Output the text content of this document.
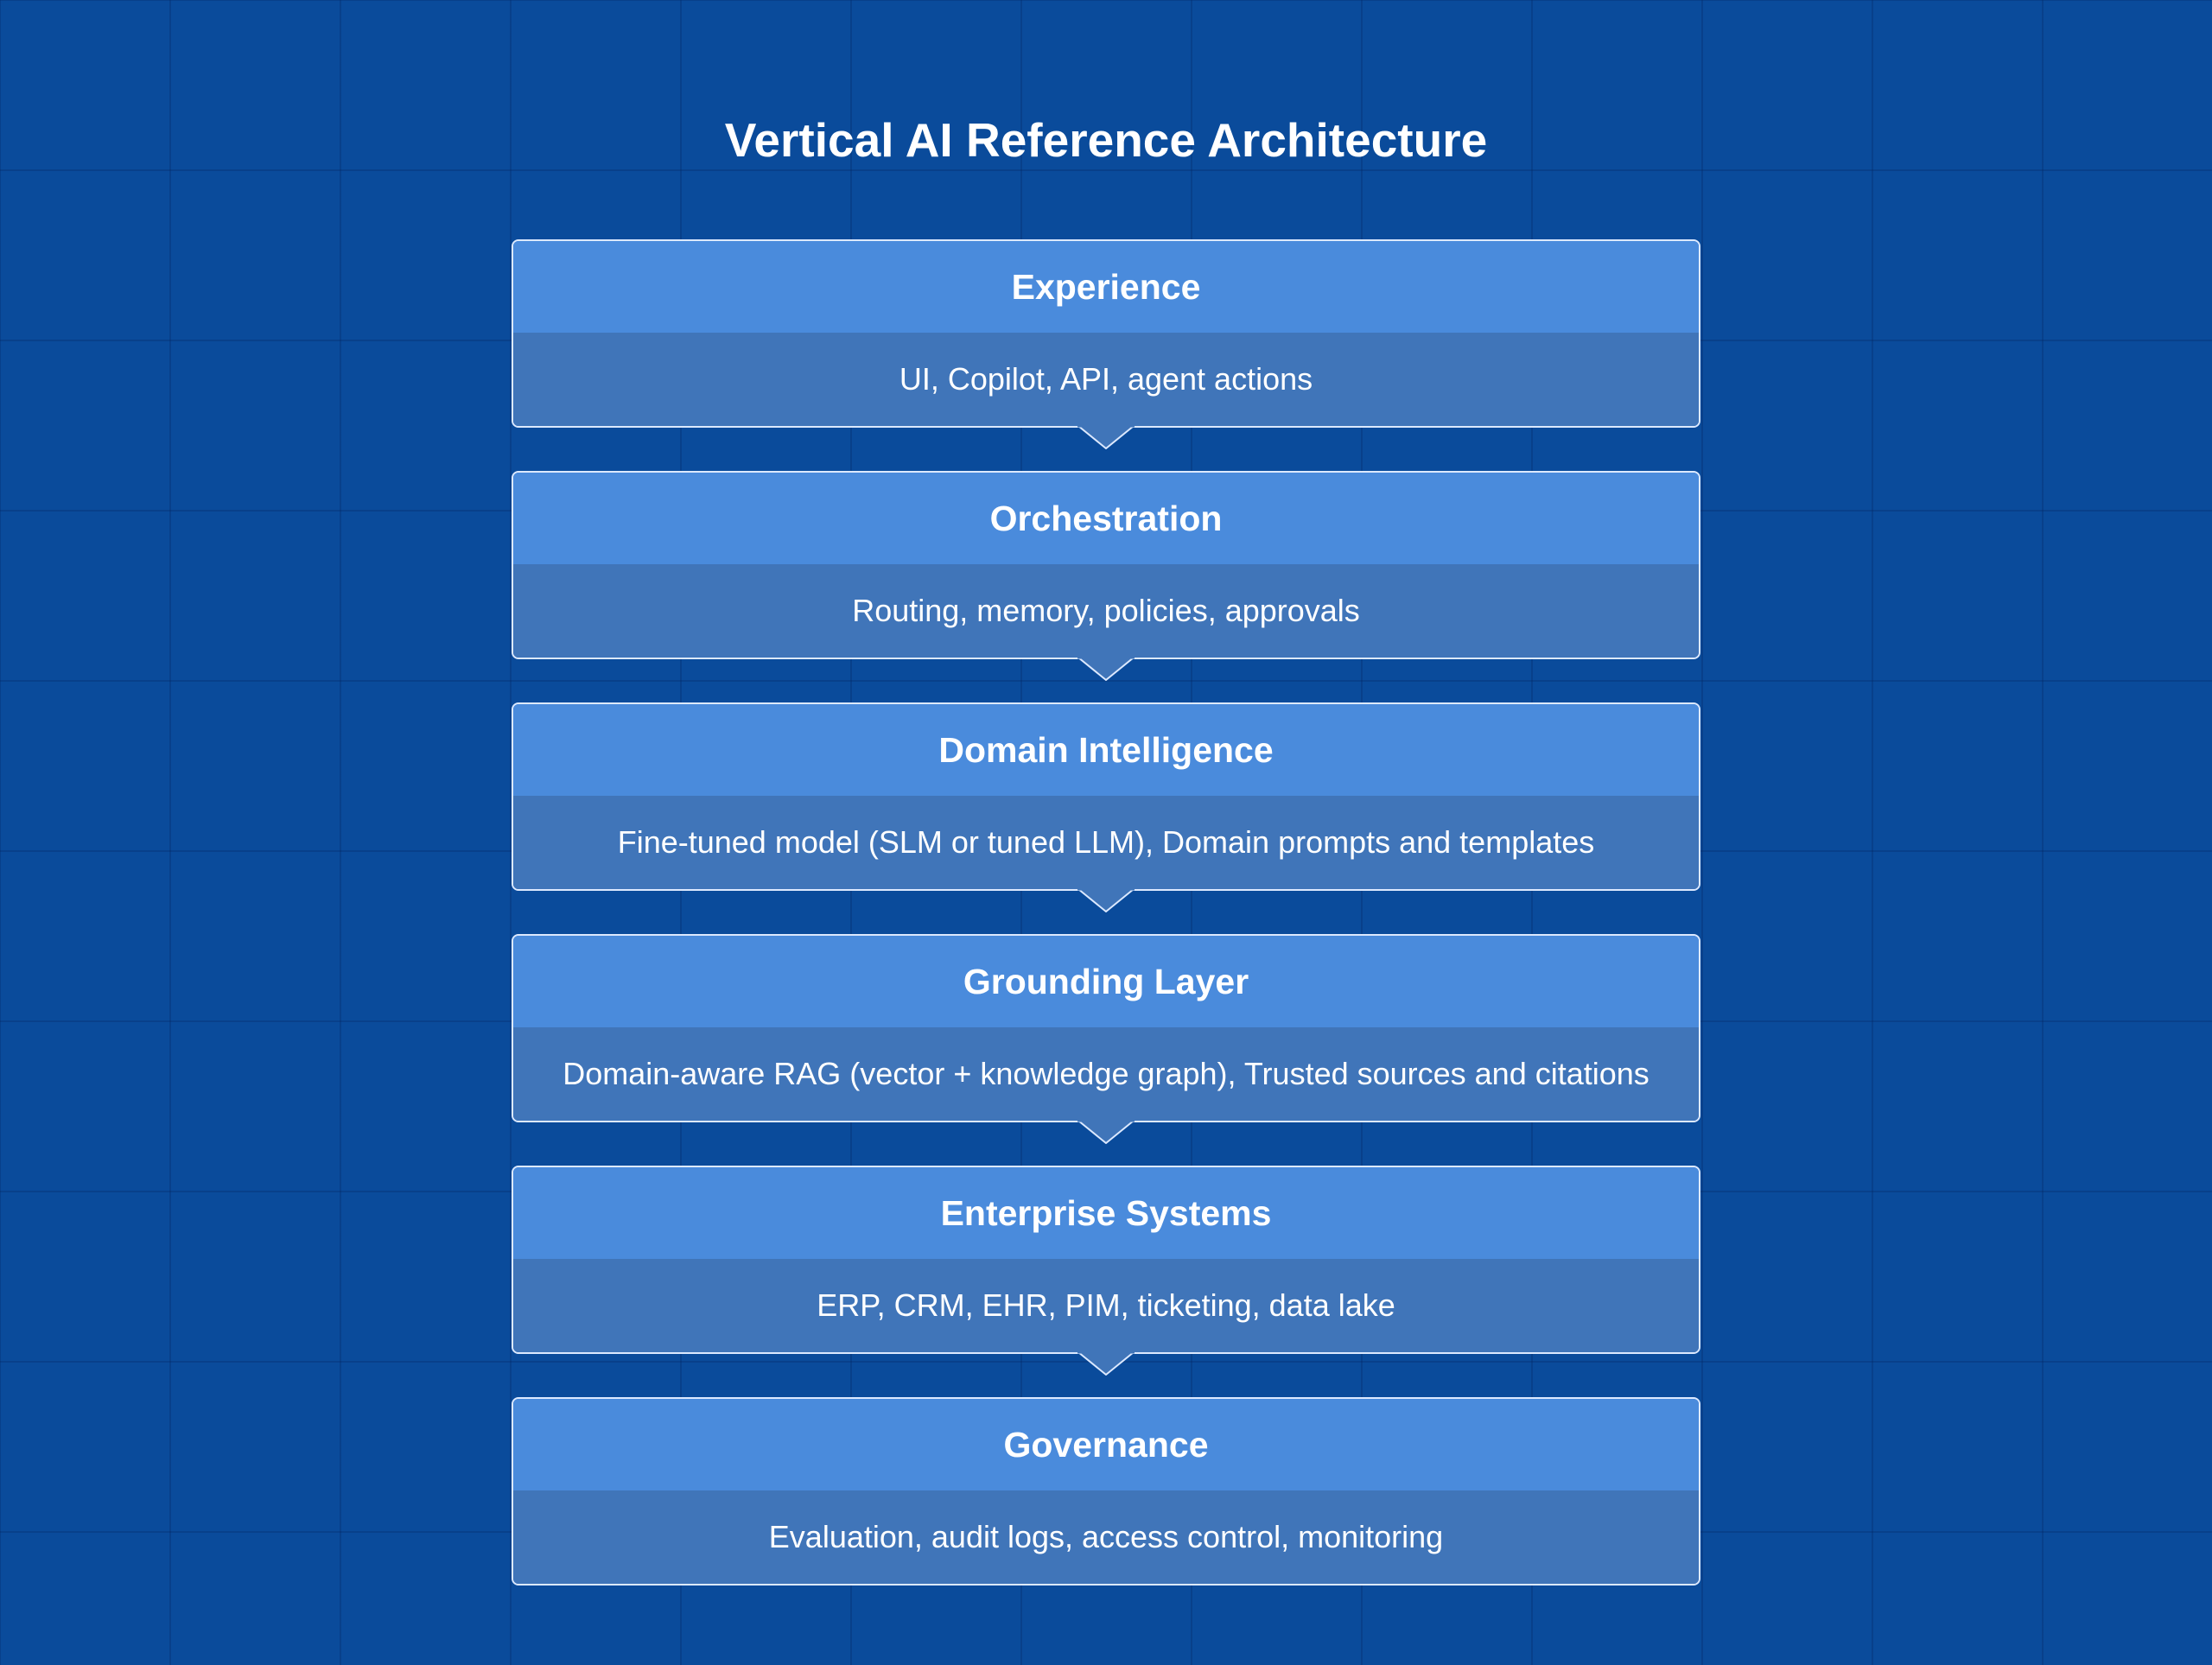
Vertical AI Reference Architecture
Experience
UI, Copilot, API, agent actions
Orchestration
Routing, memory, policies, approvals
Domain Intelligence
Fine-tuned model (SLM or tuned LLM), Domain prompts and templates
Grounding Layer
Domain-aware RAG (vector + knowledge graph), Trusted sources and citations
Enterprise Systems
ERP, CRM, EHR, PIM, ticketing, data lake
Governance
Evaluation, audit logs, access control, monitoring
